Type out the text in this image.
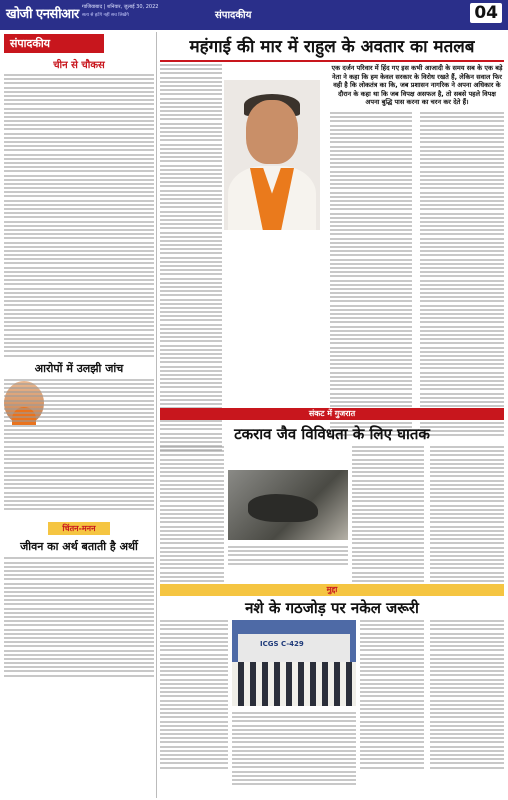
खोजी एनसीआर गाजियाबाद | शनिवार, जुलाई 30, 2022
सत्य से हटेंगे नहीं सच लिखेंगे	संपादकीय	04
संपादकीय
चीन से चौकस
आरोपों में उलझी जांच
चिंतन-मनन
जीवन का अर्थ बताती है अर्थी
महंगाई की मार में राहुल के अवतार का मतलब
एक दर्जन परिवार में हिंद गए इस कभी आजादी के समय सब के एक बड़े नेता ने कहा कि हम केवल सरकार के विरोध रखते हैं, लेकिन सवाल फिर वही है कि लोकतंत्र का कि, जब प्रशासन नागरिक ने अपना अधिकार के दौरान के कहा था कि जब विपक्ष असफल है, तो सबसे पहले विपक्ष अपना बुद्धि पास करना का चरन कर देते हैं।
संकट में गुजरात
टकराव जैव विविधता के लिए घातक
मुद्दा
नशे के गठजोड़ पर नकेल जरूरी
ICGS C-429
